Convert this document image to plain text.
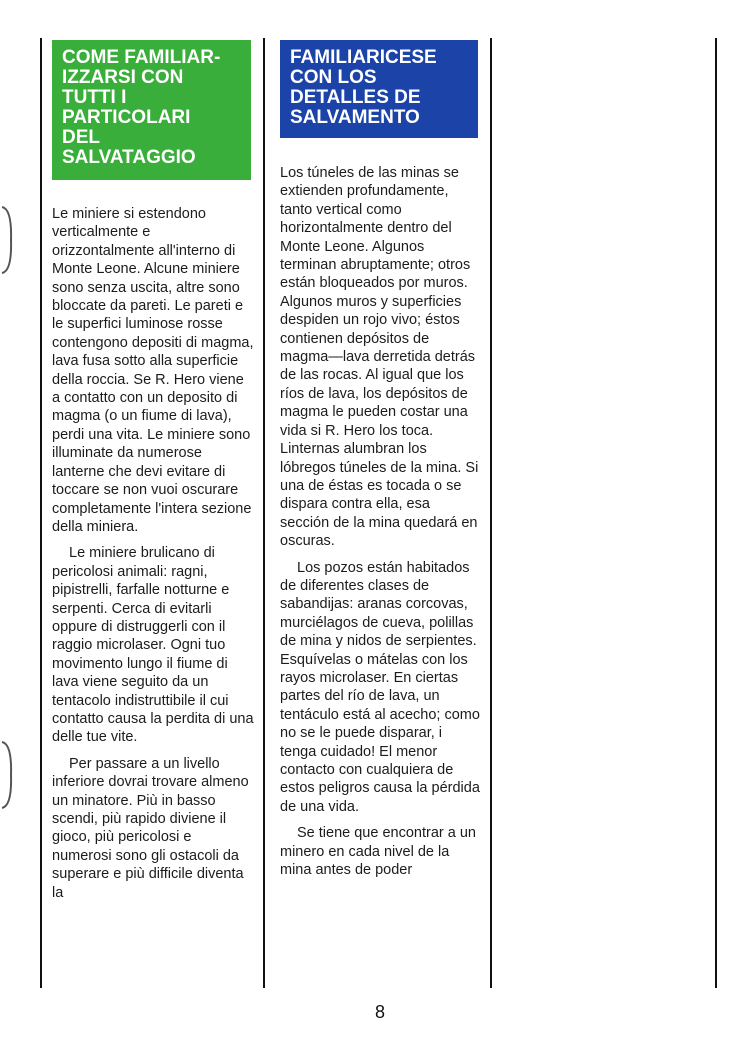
COME FAMILIAR-
IZZARSI CON
TUTTI I
PARTICOLARI
DEL
SALVATAGGIO
FAMILIARICESE
CON LOS
DETALLES DE
SALVAMENTO

Le miniere si estendono verticalmente e orizzontalmente all'interno di Monte Leone. Alcune miniere sono senza uscita, altre sono bloccate da pareti. Le pareti e le superfici luminose rosse contengono depositi di magma, lava fusa sotto alla superficie della roccia. Se R. Hero viene a contatto con un deposito di magma (o un fiume di lava), perdi una vita. Le miniere sono illuminate da numerose lanterne che devi evitare di toccare se non vuoi oscurare completamente l'intera sezione della miniera.

Le miniere brulicano di pericolosi animali: ragni, pipistrelli, farfalle notturne e serpenti. Cerca di evitarli oppure di distruggerli con il raggio microlaser. Ogni tuo movimento lungo il fiume di lava viene seguito da un tentacolo indistruttibile il cui contatto causa la perdita di una delle tue vite.

Per passare a un livello inferiore dovrai trovare almeno un minatore. Più in basso scendi, più rapido diviene il gioco, più pericolosi e numerosi sono gli ostacoli da superare e più difficile diventa la

Los túneles de las minas se extienden profundamente, tanto vertical como horizontalmente dentro del Monte Leone. Algunos terminan abruptamente; otros están bloqueados por muros. Algunos muros y superficies despiden un rojo vivo; éstos contienen depósitos de magma—lava derretida detrás de las rocas. Al igual que los ríos de lava, los depósitos de magma le pueden costar una vida si R. Hero los toca. Linternas alumbran los lóbregos túneles de la mina. Si una de éstas es tocada o se dispara contra ella, esa sección de la mina quedará en oscuras.

Los pozos están habitados de diferentes clases de sabandijas: aranas corcovas, murciélagos de cueva, polillas de mina y nidos de serpientes. Esquívelas o mátelas con los rayos microlaser. En ciertas partes del río de lava, un tentáculo está al acecho; como no se le puede disparar, i tenga cuidado! El menor contacto con cualquiera de estos peligros causa la pérdida de una vida.

Se tiene que encontrar a un minero en cada nivel de la mina antes de poder

8
